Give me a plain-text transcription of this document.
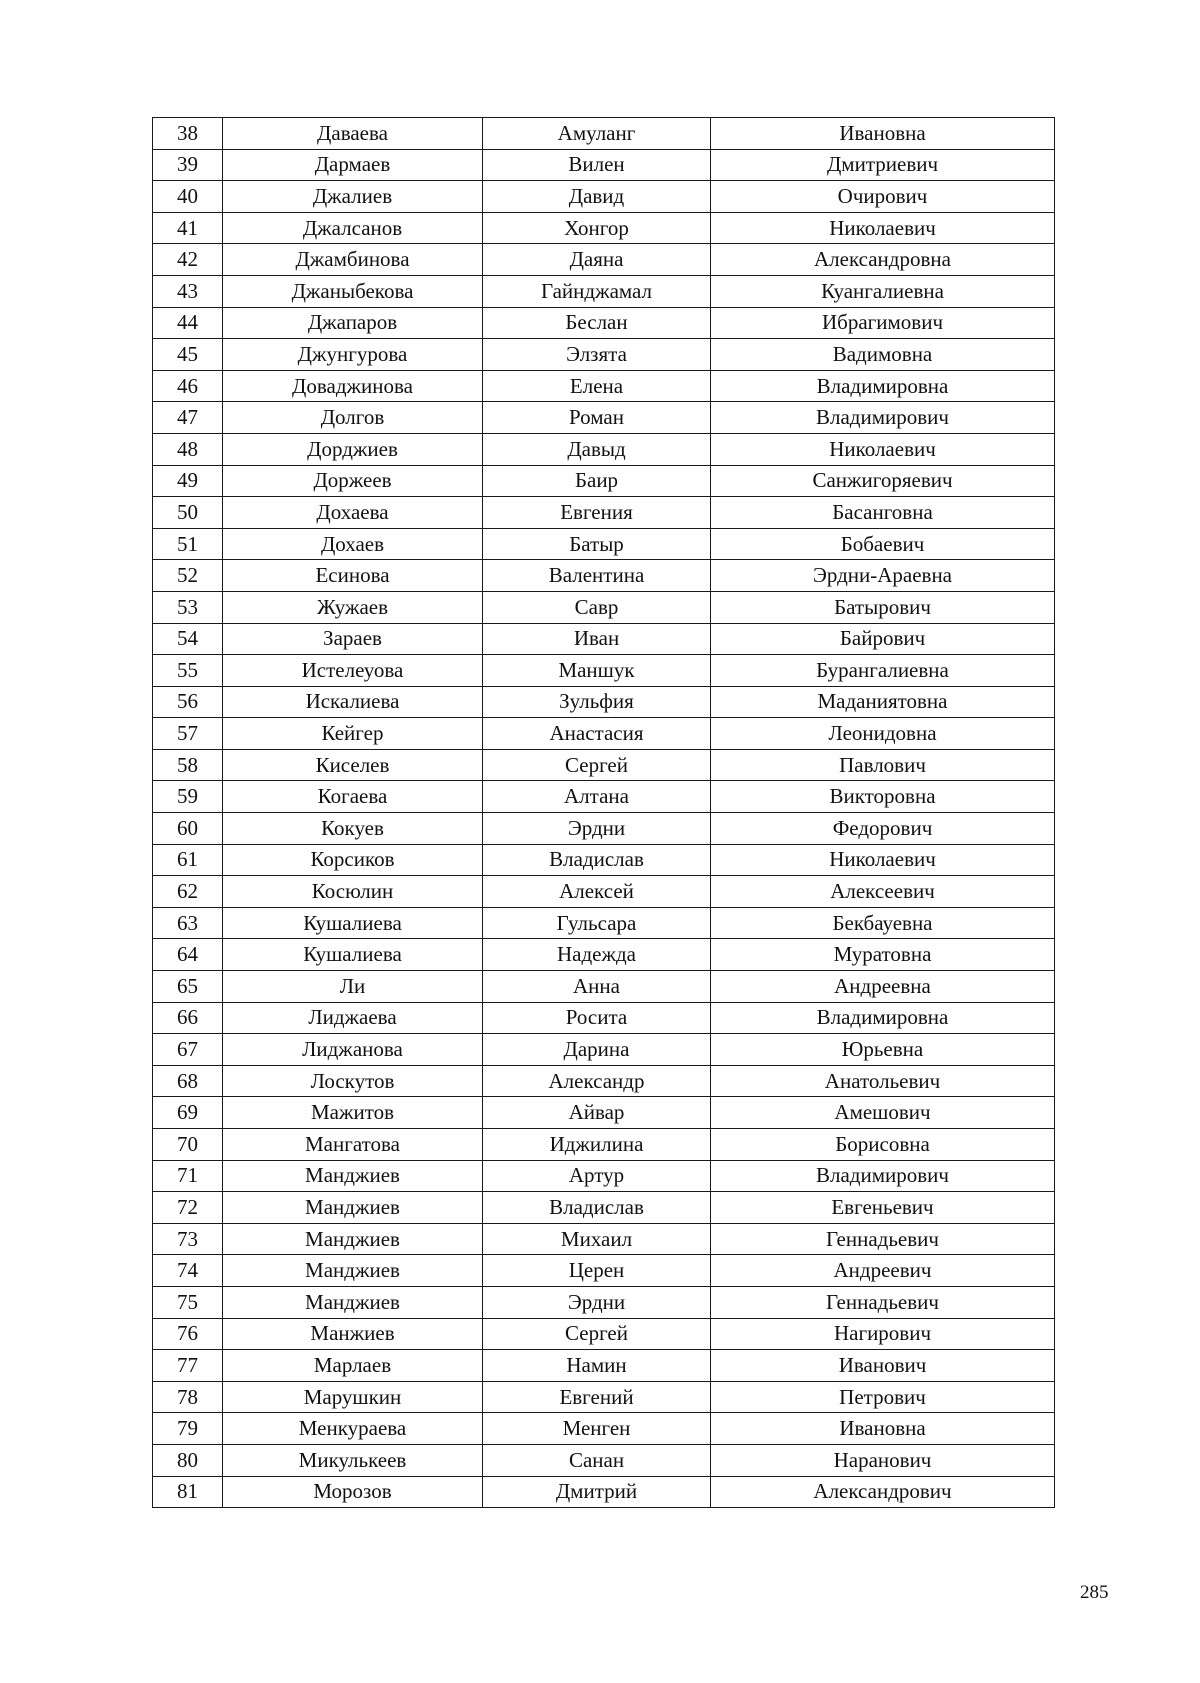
38	Даваева	Амуланг	Ивановна
39	Дармаев	Вилен	Дмитриевич
40	Джалиев	Давид	Очирович
41	Джалсанов	Хонгор	Николаевич
42	Джамбинова	Даяна	Александровна
43	Джаныбекова	Гайнджамал	Куангалиевна
44	Джапаров	Беслан	Ибрагимович
45	Джунгурова	Элзята	Вадимовна
46	Доваджинова	Елена	Владимировна
47	Долгов	Роман	Владимирович
48	Дорджиев	Давыд	Николаевич
49	Доржеев	Баир	Санжигоряевич
50	Дохаева	Евгения	Басанговна
51	Дохаев	Батыр	Бобаевич
52	Есинова	Валентина	Эрдни-Араевна
53	Жужаев	Савр	Батырович
54	Зараев	Иван	Байрович
55	Истелеуова	Маншук	Бурангалиевна
56	Искалиева	Зульфия	Маданиятовна
57	Кейгер	Анастасия	Леонидовна
58	Киселев	Сергей	Павлович
59	Когаева	Алтана	Викторовна
60	Кокуев	Эрдни	Федорович
61	Корсиков	Владислав	Николаевич
62	Косюлин	Алексей	Алексеевич
63	Кушалиева	Гульсара	Бекбауевна
64	Кушалиева	Надежда	Муратовна
65	Ли	Анна	Андреевна
66	Лиджаева	Росита	Владимировна
67	Лиджанова	Дарина	Юрьевна
68	Лоскутов	Александр	Анатольевич
69	Мажитов	Айвар	Амешович
70	Мангатова	Иджилина	Борисовна
71	Манджиев	Артур	Владимирович
72	Манджиев	Владислав	Евгеньевич
73	Манджиев	Михаил	Геннадьевич
74	Манджиев	Церен	Андреевич
75	Манджиев	Эрдни	Геннадьевич
76	Манжиев	Сергей	Нагирович
77	Марлаев	Намин	Иванович
78	Марушкин	Евгений	Петрович
79	Менкураева	Менген	Ивановна
80	Микулькеев	Санан	Наранович
81	Морозов	Дмитрий	Александрович
285
